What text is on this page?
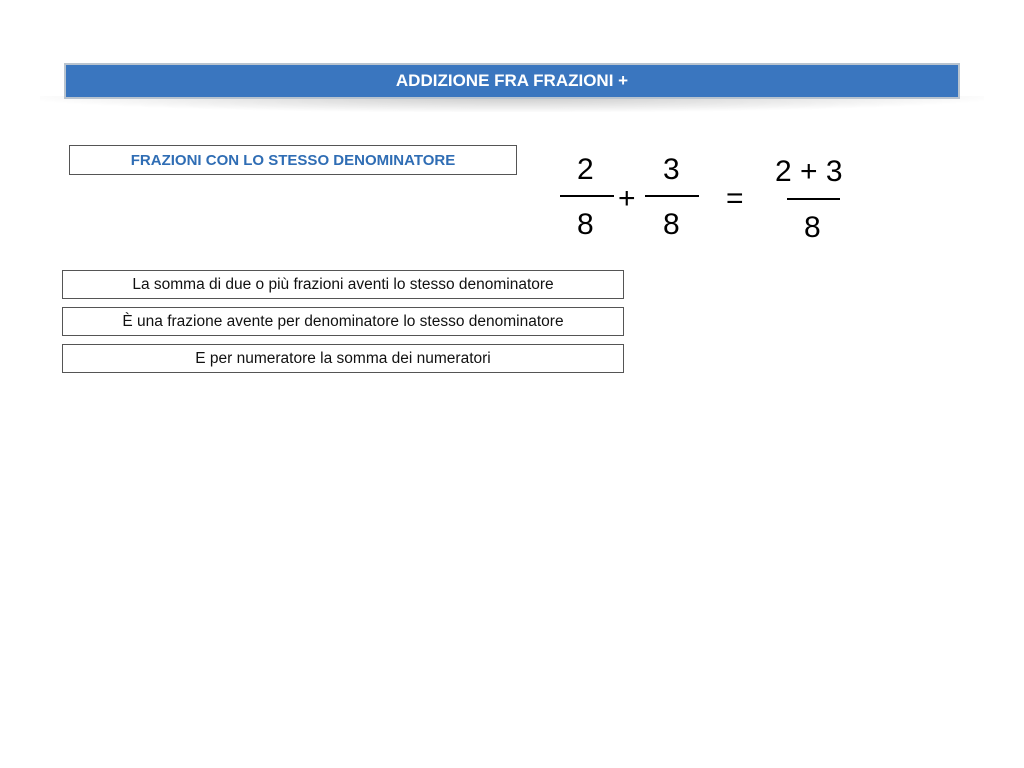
ADDIZIONE FRA FRAZIONI +
FRAZIONI CON LO STESSO DENOMINATORE	2
8
+
3
8
=
2 + 3
8
La somma di due o più frazioni aventi lo stesso denominatore
È una frazione avente per denominatore lo stesso denominatore
E per numeratore la somma dei numeratori
